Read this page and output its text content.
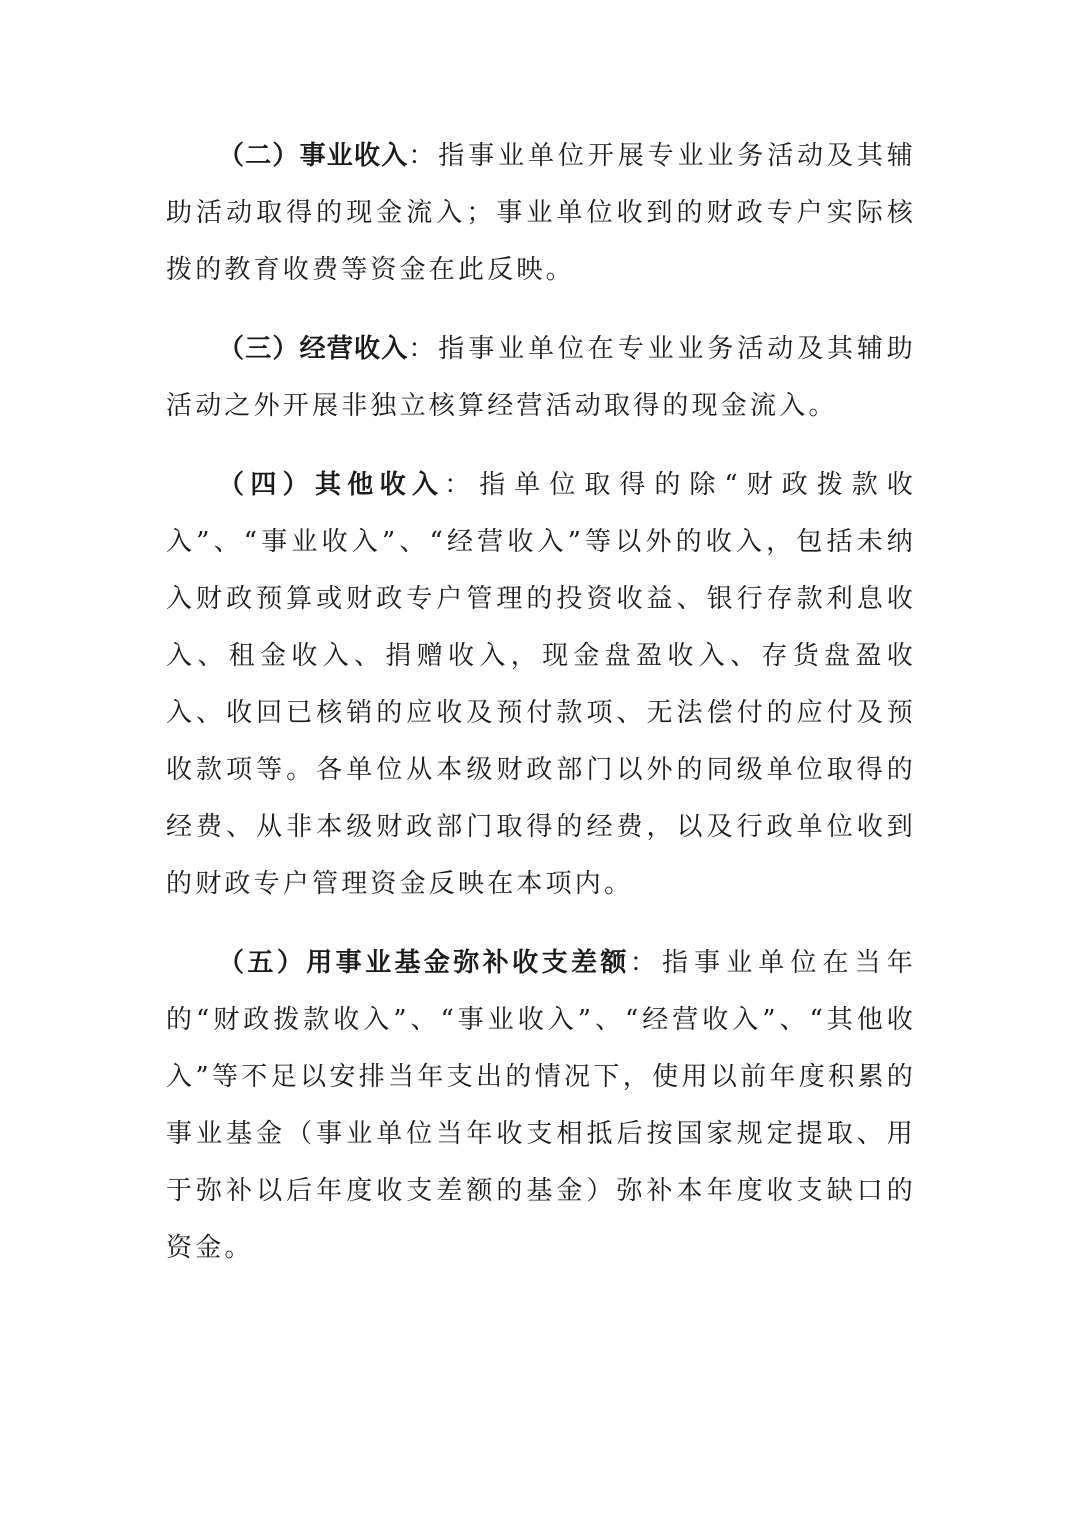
（二）事业收入：指事业单位开展专业业务活动及其辅助活动取得的现金流入；事业单位收到的财政专户实际核拨的教育收费等资金在此反映。

（三）经营收入：指事业单位在专业业务活动及其辅助活动之外开展非独立核算经营活动取得的现金流入。

（四）其他收入：指单位取得的除“财政拨款收入”、“事业收入”、“经营收入”等以外的收入，包括未纳入财政预算或财政专户管理的投资收益、银行存款利息收入、租金收入、捐赠收入，现金盘盈收入、存货盘盈收入、收回已核销的应收及预付款项、无法偿付的应付及预收款项等。各单位从本级财政部门以外的同级单位取得的经费、从非本级财政部门取得的经费，以及行政单位收到的财政专户管理资金反映在本项内。

（五）用事业基金弥补收支差额：指事业单位在当年的“财政拨款收入”、“事业收入”、“经营收入”、“其他收入”等不足以安排当年支出的情况下，使用以前年度积累的事业基金（事业单位当年收支相抵后按国家规定提取、用于弥补以后年度收支差额的基金）弥补本年度收支缺口的资金。
